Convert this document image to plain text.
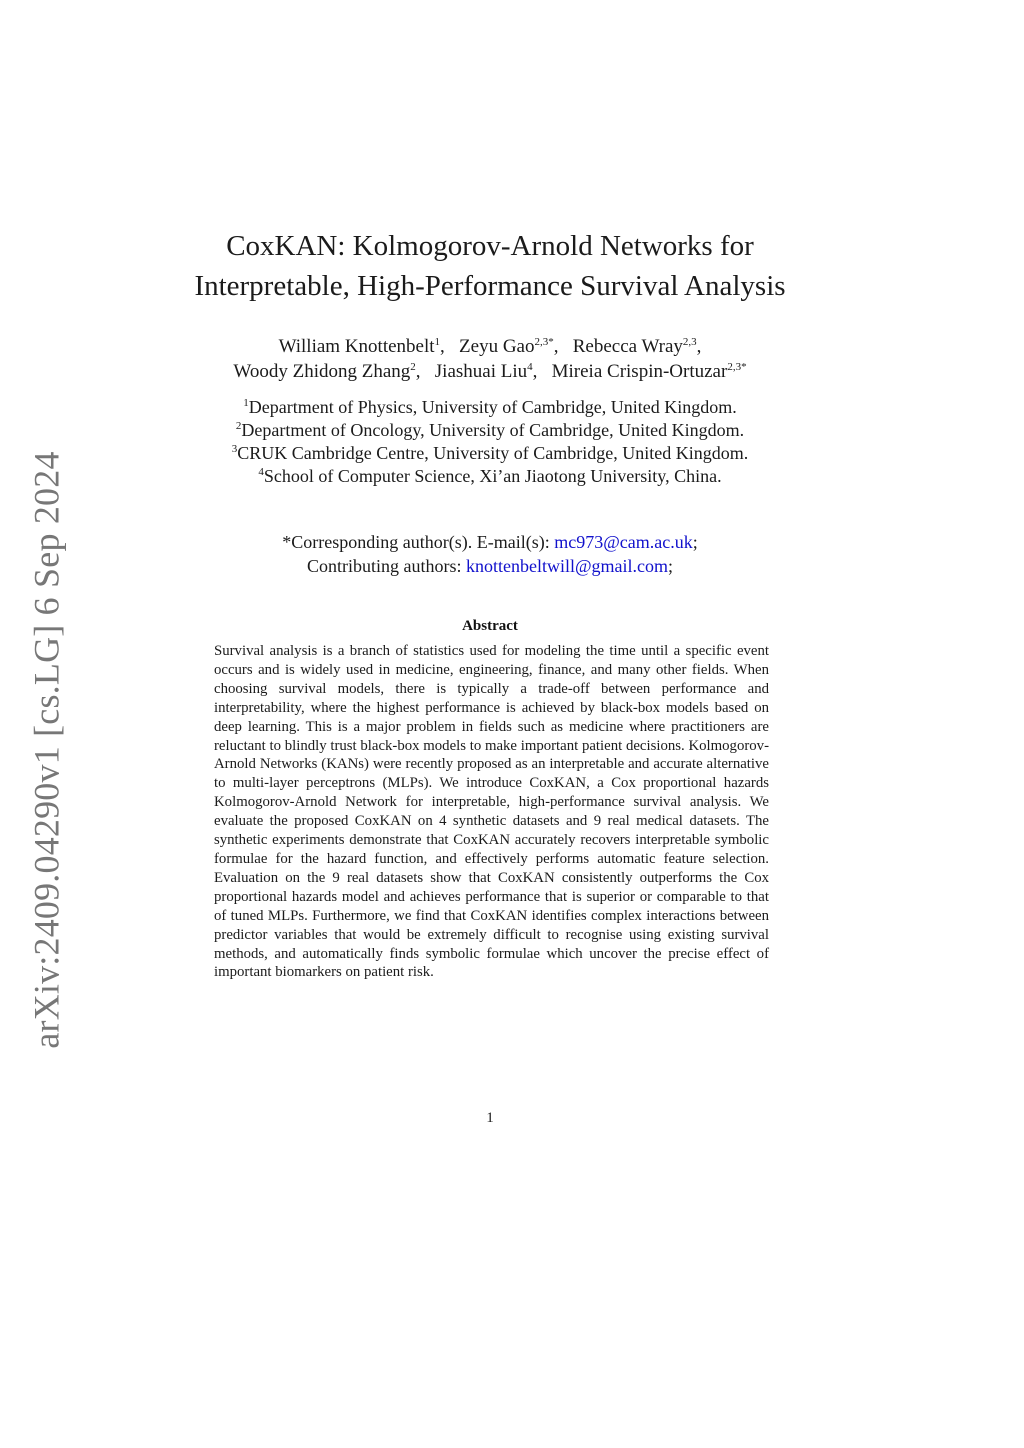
arXiv:2409.04290v1 [cs.LG] 6 Sep 2024
CoxKAN: Kolmogorov-Arnold Networks for
Interpretable, High-Performance Survival Analysis
William Knottenbelt$^1$, Zeyu Gao$^{2,3*}$, Rebecca Wray$^{2,3}$,
Woody Zhidong Zhang$^2$, Jiashuai Liu$^4$, Mireia Crispin-Ortuzar$^{2,3*}$
$^1$Department of Physics, University of Cambridge, United Kingdom.
$^2$Department of Oncology, University of Cambridge, United Kingdom.
$^3$CRUK Cambridge Centre, University of Cambridge, United Kingdom.
$^4$School of Computer Science, Xi’an Jiaotong University, China.
*Corresponding author(s). E-mail(s): mc973@cam.ac.uk;
Contributing authors: knottenbeltwill@gmail.com;
Abstract

Survival analysis is a branch of statistics used for modeling the time until a specific event occurs and is widely used in medicine, engineering, finance, and many other fields. When choosing survival models, there is typically a trade-off between performance and interpretability, where the highest performance is achieved by black-box models based on deep learning. This is a major problem in fields such as medicine where practitioners are reluctant to blindly trust black-box models to make important patient decisions. Kolmogorov-Arnold Networks (KANs) were recently proposed as an interpretable and accurate alternative to multi-layer perceptrons (MLPs). We introduce CoxKAN, a Cox proportional hazards Kolmogorov-Arnold Network for interpretable, high-performance survival analysis. We evaluate the proposed CoxKAN on 4 synthetic datasets and 9 real medical datasets. The synthetic experiments demonstrate that CoxKAN accurately recovers interpretable symbolic formulae for the hazard function, and effectively performs automatic feature selection. Evaluation on the 9 real datasets show that CoxKAN consistently outperforms the Cox proportional hazards model and achieves performance that is superior or comparable to that of tuned MLPs. Furthermore, we find that CoxKAN identifies complex interactions between predictor variables that would be extremely difficult to recognise using existing survival methods, and automatically finds symbolic formulae which uncover the precise effect of important biomarkers on patient risk.

1
